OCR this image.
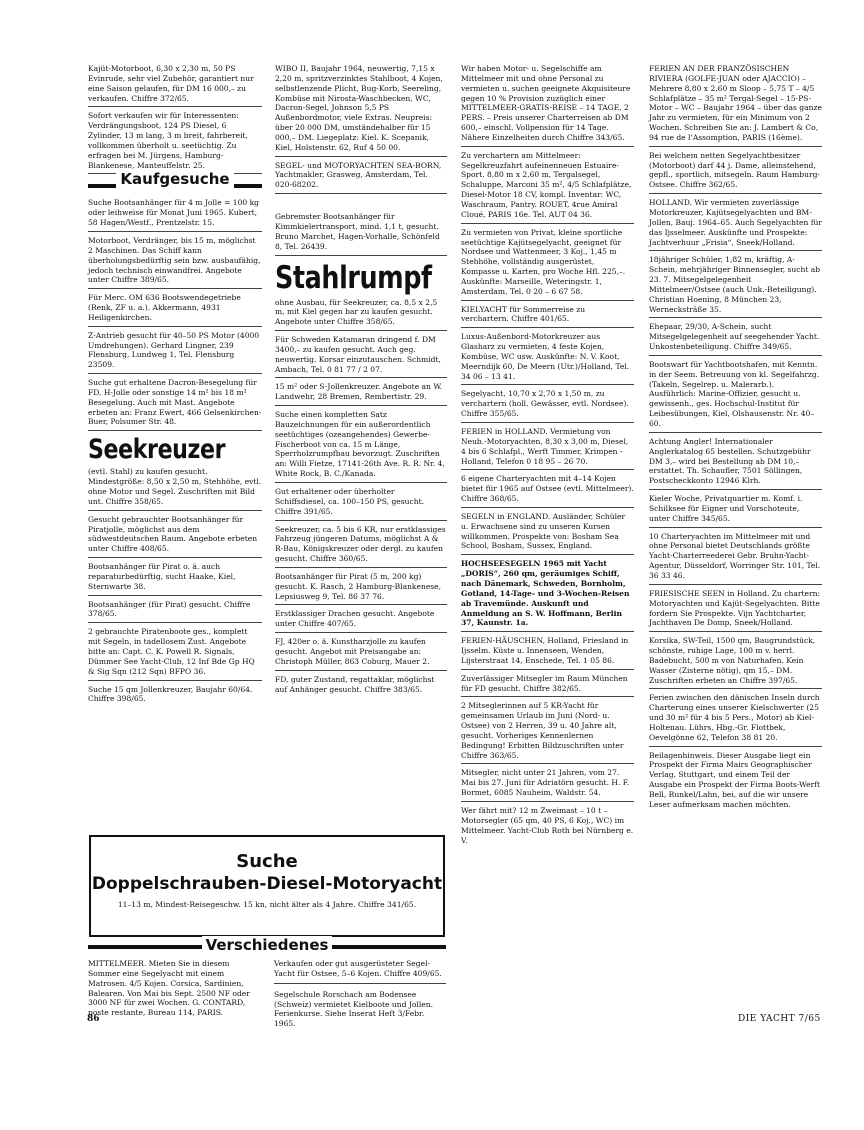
Kajüt-Motorboot, 6,30 x 2,30 m, 50 PS Evinrude, sehr viel Zubehör, garantiert nur eine Saison gelaufen, für DM 16 000,– zu verkaufen. Chiffre 372/65.

Sofort verkaufen wir für Interessenten: Verdrängungsboot, 124 PS Diesel, 6 Zylinder, 13 m lang, 3 m breit, fahrbereit, vollkommen überholt u. seetüchtig. Zu erfragen bei M. Jürgens, Hamburg-Blankenese, Manteuffelstr. 25.

Kaufgesuche

Suche Bootsanhänger für 4 m Jolle = 100 kg oder leihweise für Monat Juni 1965. Kubert, 58 Hagen/Westf., Prentzelstr. 15.

Motorboot, Verdränger, bis 15 m, möglichst 2 Maschinen. Das Schiff kann überholungsbedürftig sein bzw. ausbaufähig, jedoch technisch einwandfrei. Angebote unter Chiffre 389/65.

Für Merc. OM 636 Bootswendegetriebe (Renk, ZF u. a.). Akkermann, 4931 Heiligenkirchen.

Z-Antrieb gesucht für 40–50 PS Motor (4000 Umdrehungen). Gerhard Lingner, 239 Flensburg, Lundweg 1, Tel. Flensburg 23509.

Suche gut erhaltene Dacron-Besegelung für FD, H-Jolle oder sonstige 14 m² bis 18 m² Besegelung. Auch mit Mast. Angebote erbeten an: Franz Ewert, 466 Gelsenkirchen-Buer, Polsumer Str. 48.

Seekreuzer

(evtl. Stahl) zu kaufen gesucht. Mindestgröße: 8,50 x 2,50 m, Stehhöhe, evtl. ohne Motor und Segel. Zuschriften mit Bild unt. Chiffre 358/65.

Gesucht gebrauchter Bootsanhänger für Piratjolle, möglichst aus dem südwestdeutschen Raum. Angebote erbeten unter Chiffre 408/65.

Bootsanhänger für Pirat o. ä. auch reparaturbedürftig, sucht Haake, Kiel, Sternwarte 38.

Bootsanhänger (für Pirat) gesucht. Chiffre 378/65.

2 gebrauchte Piratenboote ges., komplett mit Segeln, in tadellosem Zust. Angebote bitte an: Capt. C. K. Powell R. Signals, Dümmer See Yacht-Club, 12 Inf Bde Gp HQ & Sig Sqn (212 Sqn) BFPO 36.

Suche 15 qm Jollenkreuzer, Baujahr 60/64. Chiffre 398/65.

WIBO II, Baujahr 1964, neuwertig, 7,15 x 2,20 m, spritzverzinktes Stahlboot, 4 Kojen, selbstlenzende Plicht, Bug-Korb, Seereling, Kombüse mit Nirosta-Waschbecken, WC, Dacron-Segel, Johnson 5,5 PS Außenbordmotor, viele Extras. Neupreis: über 20 000 DM, umständehalber für 15 000,– DM. Liegeplatz: Kiel. K. Scepanik, Kiel, Holstenstr. 62, Ruf 4 50 00.

SEGEL- und MOTORYACHTEN SEA-BORN, Yachtmakler, Grasweg, Amsterdam, Tel. 020-68202.

Gebremster Bootsanhänger für Kimmkielertransport, mind. 1,1 t, gesucht. Bruno Marchet, Hagen-Vorhalle, Schönfeld 8, Tel. 26439.

Stahlrumpf

ohne Ausbau, für Seekreuzer, ca. 8,5 x 2,5 m, mit Kiel gegen bar zu kaufen gesucht. Angebote unter Chiffre 358/65.

Für Schweden Katamaran dringend f. DM 3400,– zu kaufen gesucht. Auch geg. neuwertig. Korsar einzutauschen. Schmidt, Ambach, Tel. 0 81 77 / 2 07.

15 m² oder S-Jollenkreuzer. Angebote an W. Landwehr, 28 Bremen, Rembertistr. 29.

Suche einen kompletten Satz Bauzeichnungen für ein außerordentlich seetüchtiges (ozeangehendes) Gewerbe-Fischerboot von ca. 15 m Länge, Sperrholzrumpfbau bevorzugt. Zuschriften an: Willi Fietze, 17141-26th Ave. R. R. Nr. 4, White Rock, B. C./Kanada.

Gut erhaltener oder überholter Schiffsdiesel, ca. 100–150 PS, gesucht. Chiffre 391/65.

Seekreuzer, ca. 5 bis 6 KR, nur erstklassiges Fahrzeug jüngeren Datums, möglichst A & R-Bau, Königskreuzer oder dergl. zu kaufen gesucht. Chiffre 360/65.

Bootsanhänger für Pirat (5 m, 200 kg) gesucht. K. Rasch, 2 Hamburg-Blankenese, Lepsiusweg 9, Tel. 86 37 76.

Erstklassiger Drachen gesucht. Angebote unter Chiffre 407/65.

FJ, 420er o. ä. Kunstharzjolle zu kaufen gesucht. Angebot mit Preisangabe an: Christoph Müller, 863 Coburg, Mauer 2.

FD, guter Zustand, regattaklar, möglichst auf Anhänger gesucht. Chiffre 383/65.

Suche
Doppelschrauben-Diesel-Motoryacht
11–13 m, Mindest-Reisegeschw. 15 kn, nicht älter als 4 Jahre. Chiffre 341/65.
Verschiedenes

MITTELMEER. Mieten Sie in diesem Sommer eine Segelyacht mit einem Matrosen. 4/5 Kojen. Corsica, Sardinien, Balearen. Von Mai bis Sept. 2500 NF oder 3000 NF für zwei Wochen. G. CONTARD, poste restante, Bureau 114, PARIS.

Verkaufen oder gut ausgerüsteter Segel-Yacht für Ostsee, 5–6 Kojen. Chiffre 409/65.

Segelschule Rorschach am Bodensee (Schweiz) vermietet Kielboote und Jollen. Ferienkurse. Siehe Inserat Heft 3/Febr. 1965.

Wir haben Motor- u. Segelschiffe am Mittelmeer mit und ohne Personal zu vermieten u. suchen geeignete Akquisiteure gegen 10 % Provision zuzüglich einer MITTELMEER-GRATIS-REISE – 14 TAGE, 2 PERS. – Preis unserer Charterreisen ab DM 600,– einschl. Vollpension für 14 Tage. Nähere Einzelheiten durch Chiffre 343/65.

Zu verchartern am Mittelmeer: Segelkreuzfahrt aufeinenneuen Estuaire-Sport. 8,80 m x 2,60 m, Tergalsegel, Schaluppe, Marconi 35 m², 4/5 Schlafplätze, Diesel-Motor 18 CV, kompl. Inventar: WC, Waschraum, Pantry. ROUET, 4rue Amiral Cloué, PARIS 16e. Tel. AUT 04 36.

Zu vermieten von Privat, kleine sportliche seetüchtige Kajütsegelyacht, geeignet für Nordsee und Wattenmeer, 3 Koj., 1,45 m Stehhöhe, vollständig ausgerüstet, Kompasse u. Karten, pro Woche Hfl. 225,–. Auskünfte: Marseille, Weteringstr. 1, Amsterdam, Tel. 0 20 – 6 67 58.

KIELYACHT für Sommerreise zu verchartern. Chiffre 401/65.

Luxus-Außenbord-Motorkreuzer aus Glasharz zu vermieten, 4 feste Kojen, Kombüse, WC usw. Auskünfte: N. V. Koot, Meerndijk 60, De Meern (Utr.)/Holland, Tel. 34 06 – 13 41.

Segelyacht, 10,70 x 2,70 x 1,50 m, zu verchartern (holl. Gewässer, evtl. Nordsee). Chiffre 355/65.

FERIEN in HOLLAND. Vermietung von Neub.-Motoryachten, 8,30 x 3,00 m, Diesel, 4 bis 6 Schlafpl., Werft Timmer, Krimpen - Holland, Telefon 0 18 95 – 26 70.

6 eigene Charteryachten mit 4–14 Kojen bietet für 1965 auf Ostsee (evtl. Mittelmeer). Chiffre 368/65.

SEGELN in ENGLAND. Ausländer, Schüler u. Erwachsene sind zu unseren Kursen willkommen. Prospekte von: Bosham Sea School, Bosham, Sussex, England.

HOCHSEESEGELN 1965 mit Yacht „DORIS“, 260 qm, geräumiges Schiff, nach Dänemark, Schweden, Bornholm, Gotland, 14-Tage- und 3-Wochen-Reisen ab Travemünde. Auskunft und Anmeldung an S. W. Hoffmann, Berlin 37, Kaunstr. 1a.

FERIEN-HÄUSCHEN, Holland, Friesland in Ijsselm. Küste u. Innenseen, Wenden, Lijsterstraat 14, Enschede, Tel. 1 05 86.

Zuverlässiger Mitsegler im Raum München für FD gesucht. Chiffre 382/65.

2 Mitseglerinnen auf 5 KR-Yacht für gemeinsamen Urlaub im Juni (Nord- u. Ostsee) von 2 Herren, 39 u. 40 Jahre alt, gesucht. Vorheriges Kennenlernen Bedingung! Erbitten Bildzuschriften unter Chiffre 363/65.

Mitsegler, nicht unter 21 Jahren, vom 27. Mai bis 27. Juni für Adriatörn gesucht. H. F. Bormet, 6085 Nauheim, Waldstr. 54.

Wer fährt mit? 12 m Zweimast – 10 t – Motorsegler (65 qm, 40 PS, 6 Koj., WC) im Mittelmeer. Yacht-Club Roth bei Nürnberg e. V.

FERIEN AN DER FRANZÖSISCHEN RIVIERA (GOLFE-JUAN oder AJACCIO) – Mehrere 8,80 x 2,60 m Sloop – 5,75 T – 4/5 Schlafplätze – 35 m² Tergal-Segel – 15-PS-Motor – WC – Baujahr 1964 – über das ganze Jahr zu vermieten, für ein Minimum von 2 Wochen. Schreiben Sie an: J. Lambert & Co, 94 rue de l’Assomption, PARIS (16ème).

Bei welchem netten Segelyachtbesitzer (Motorboot) darf 44 j. Dame, alleinstehend, gepfl., sportlich, mitsegeln. Raum Hamburg-Ostsee. Chiffre 362/65.

HOLLAND. Wir vermieten zuverlässige Motorkreuzer, Kajütsegelyachten und BM-Jollen, Bauj. 1964–65. Auch Segelyachten für das Ijsselmeer. Auskünfte und Prospekte: Jachtverhuur „Frisia“, Sneek/Holland.

18jähriger Schüler, 1,82 m, kräftig, A-Schein, mehrjähriger Binnensegler, sucht ab 23. 7. Mitsegelgelegenheit Mittelmeer/Ostsee (auch Unk.-Beteiligung). Christian Hoening, 8 München 23, Wernecksträße 35.

Ehepaar, 29/30, A-Schein, sucht Mitsegelgelegenheit auf seegehender Yacht. Unkostenbeteiligung. Chiffre 349/65.

Bootswart für Yachtbootshafen, mit Kenntn. in der Seem. Betreuung von kl. Segelfahrzg. (Takeln, Segelrep. u. Malerarb.). Ausführlich: Marine-Offizier, gesucht u. gewissenh., ges. Hochschul-Institut für Leibesübungen, Kiel, Olshausenstr. Nr. 40–60.

Achtung Angler! Internationaler Anglerkatalog 65 bestellen. Schutzgebühr DM 3,– wird bei Bestellung ab DM 10,– erstattet. Th. Schaufler, 7501 Söllingen, Postscheckkonto 12946 Klrh.

Kieler Woche, Privatquartier m. Komf. i. Schilksee für Eigner und Vorschoteute, unter Chiffre 345/65.

10 Charteryachten im Mittelmeer mit und ohne Personal bietet Deutschlands größte Yacht-Charterreederei Gebr. Bruhn-Yacht-Agentur, Düsseldorf, Worringer Str. 101, Tel. 36 33 46.

FRIESISCHE SEEN in Holland. Zu chartern: Motoryachten und Kajüt-Segelyachten. Bitte fordern Sie Prospekte. Vijn Yachtcharter, Jachthaven De Domp, Sneek/Holland.

Korsika, SW-Teil, 1500 qm, Baugrundstück, schönste, ruhige Lage, 100 m v. herrl. Badebucht, 500 m von Naturhafen. Kein Wasser (Zisterne nötig), qm 15,– DM. Zuschriften erbeten an Chiffre 397/65.

Ferien zwischen den dänischen Inseln durch Charterung eines unserer Kielschwerter (25 und 30 m² für 4 bis 5 Pers., Motor) ab Kiel-Holtenau. Lührs, Hbg.-Gr. Flottbek, Oevelgönne 62, Telefon 38 81 20.

Beilagenhinweis. Dieser Ausgabe liegt ein Prospekt der Firma Mairs Geographischer Verlag, Stuttgart, und einem Teil der Ausgabe ein Prospekt der Firma Boots-Werft Bell, Runkel/Lahn, bei, auf die wir unsere Leser aufmerksam machen möchten.

86	DIE YACHT 7/65
